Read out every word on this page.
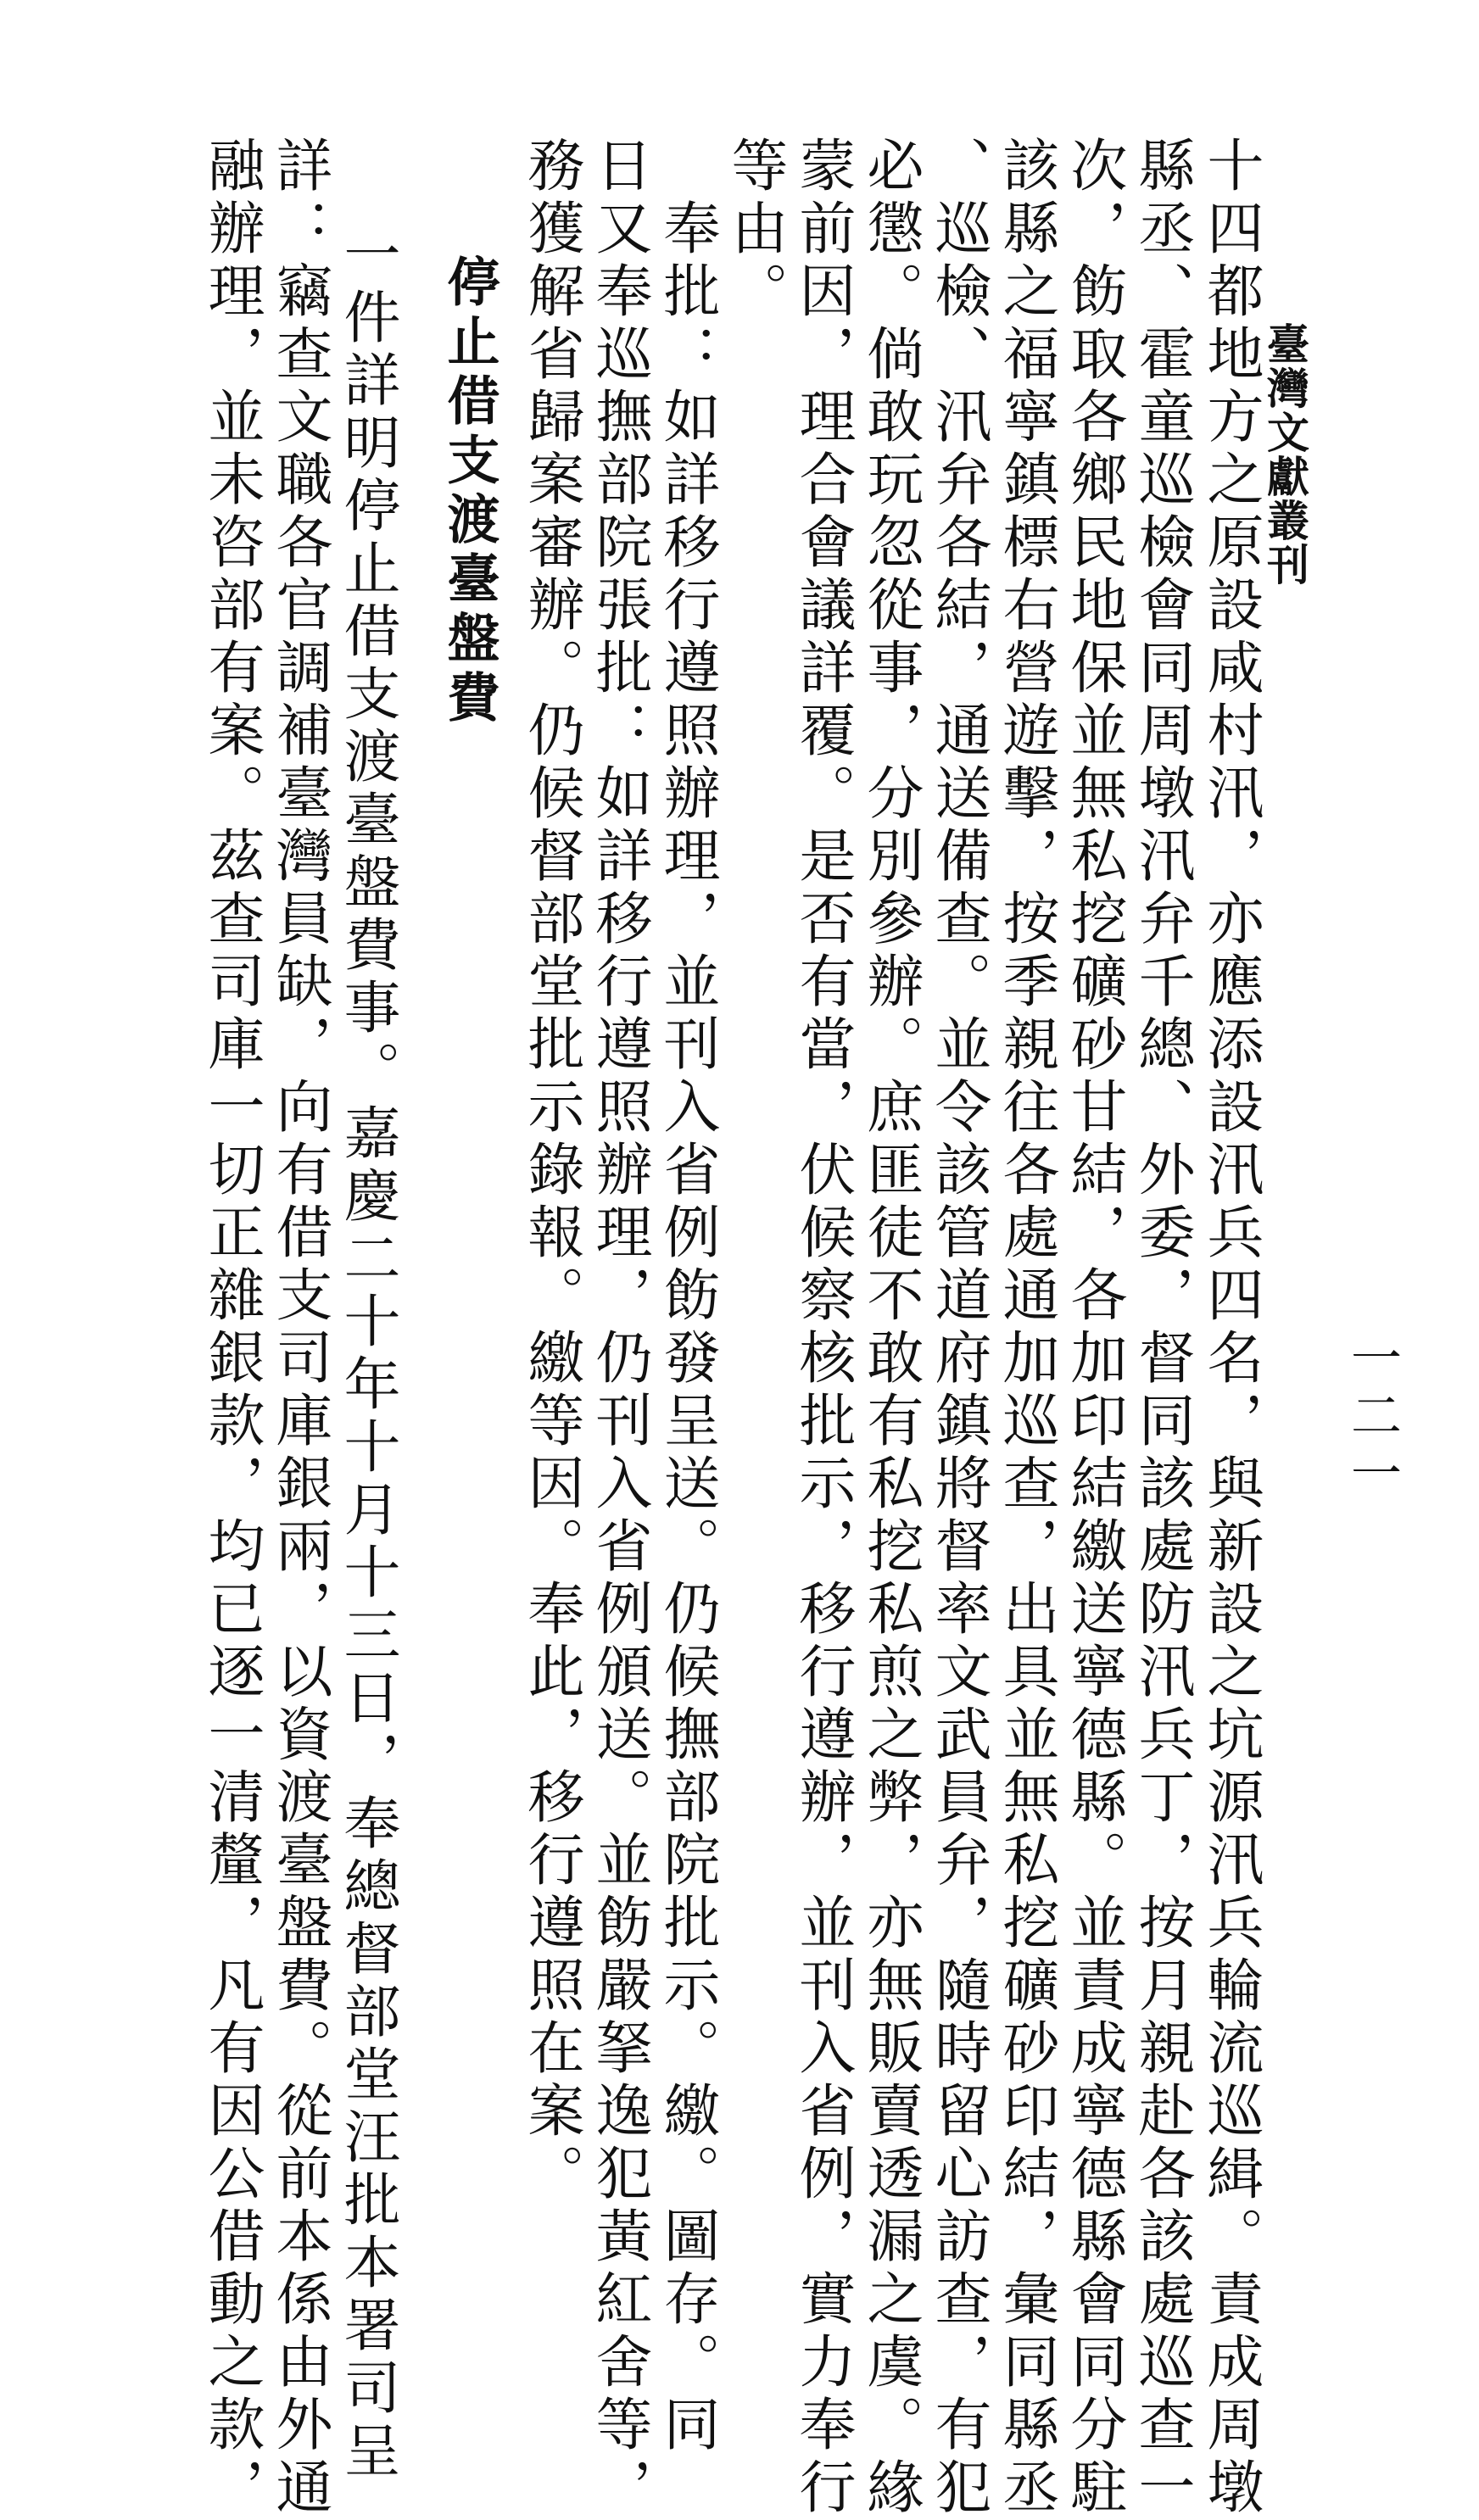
臺灣文獻叢刊
一二一
十四都地方之原設咸村汛，亦應添設汛兵四名，與新設之坑源汛兵輪流巡緝。責成周墩
縣丞、霍童巡檢會同周墩汛弁千總、外委，督同該處防汛兵丁，按月親赴各該處巡查一
次，飭取各鄉民地保並無私挖礦砂甘結，各加印結繳送寧德縣。並責成寧德縣會同分駐
該縣之福寧鎮標右營遊擊，按季親往各處通加巡查，出具並無私挖礦砂印結，彙同縣丞
、巡檢、汛弁各結，通送備查。並令該管道府鎮將督率文武員弁，隨時留心訪查，有犯
必懲。倘敢玩忽從事，分別參辦。庶匪徒不敢有私挖私煎之弊，亦無販賣透漏之虞。緣
蒙前因，理合會議詳覆。是否有當，伏候察核批示，移行遵辦，並刊入省例，實力奉行
等由。
　奉批：如詳移行遵照辦理，並刊入省例飭發呈送。仍候撫部院批示。繳。圖存。同
日又奉巡撫部院張批：如詳移行遵照辦理，仍刊入省例頒送。並飭嚴拏逸犯黃紅舍等，
務獲解省歸案審辦。仍候督部堂批示錄報。繳等因。奉此，移行遵照在案。
停止借支渡臺盤費
一件詳明停止借支渡臺盤費事。嘉慶二十年十月十三日，奉總督部堂汪批本署司呈
詳：竊查文職各官調補臺灣員缺，向有借支司庫銀兩，以資渡臺盤費。從前本係由外通
融辦理，並未咨部有案。茲查司庫一切正雜銀款，均已逐一清釐，凡有因公借動之款，
